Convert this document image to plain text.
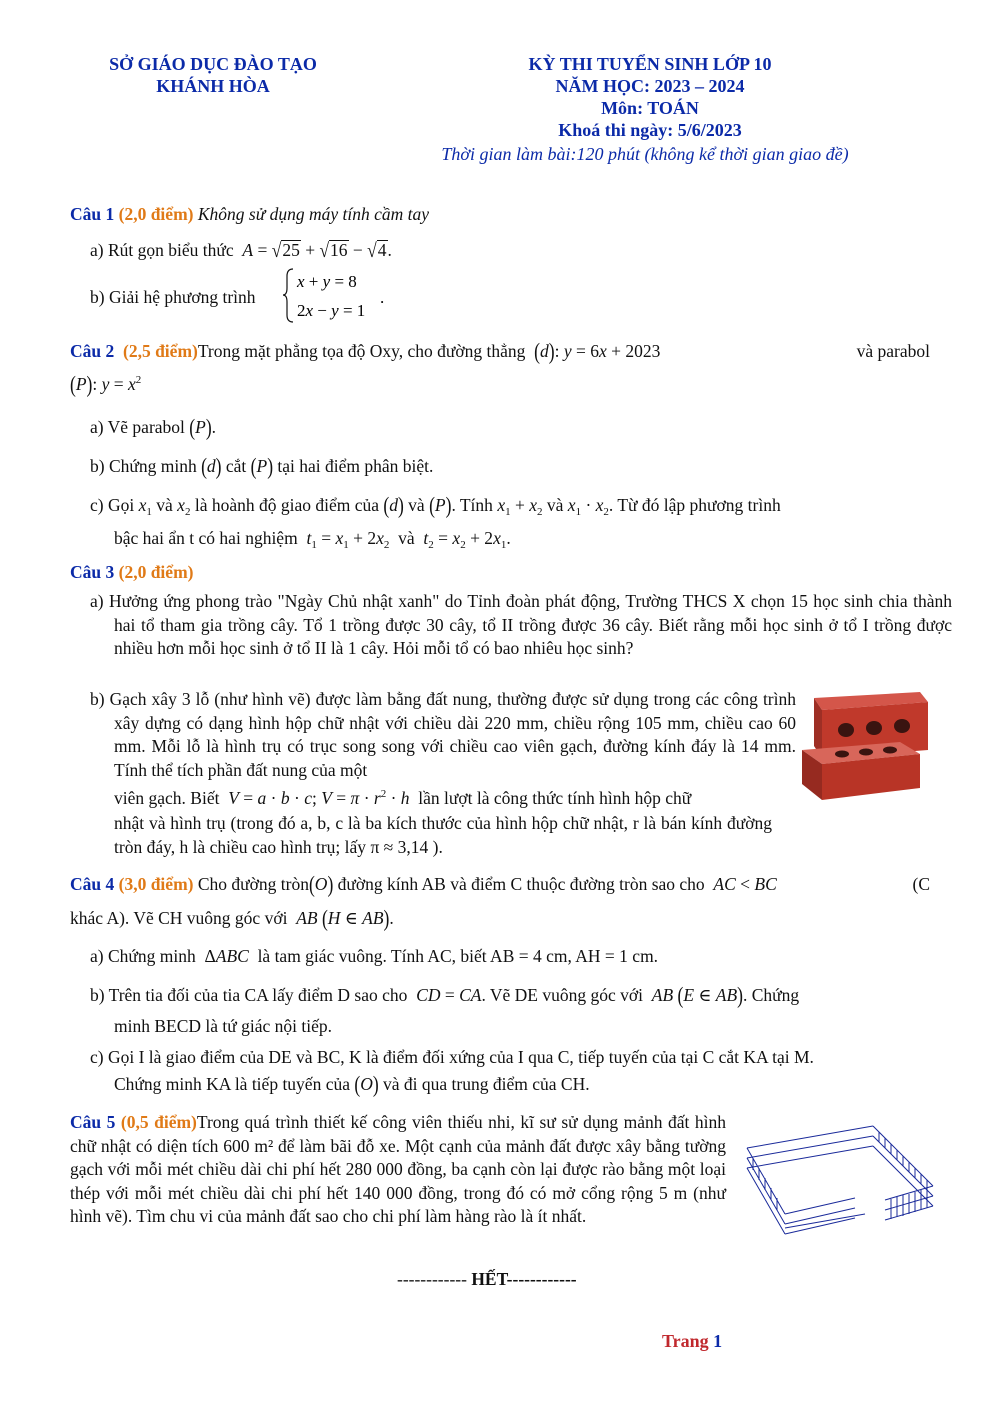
SỞ GIÁO DỤC ĐÀO TẠO
KHÁNH HÒA
KỲ THI TUYỂN SINH LỚP 10
NĂM HỌC: 2023 – 2024
Môn: TOÁN
Khoá thi ngày: 5/6/2023
Thời gian làm bài:120 phút (không kể thời gian giao đề)
Câu 1 (2,0 điểm) Không sử dụng máy tính cầm tay
a) Rút gọn biểu thức A = √25 + √16 − √4.
b) Giải hệ phương trình
x + y = 8
2x − y = 1
.
Câu 2 (2,5 điểm)Trong mặt phẳng tọa độ Oxy, cho đường thẳng (d): y = 6x + 2023	và parabol
(P): $y = x^2$
a) Vẽ parabol (P).
b) Chứng minh (d) cắt (P) tại hai điểm phân biệt.
c) Gọi $x_1$ và $x_2$ là hoành độ giao điểm của (d) và (P). Tính $x_1 + x_2$ và $x_1 \cdot x_2$. Từ đó lập phương trình
bậc hai ẩn t có hai nghiệm $t_1 = x_1 + 2x_2$ và $t_2 = x_2 + 2x_1$.
Câu 3 (2,0 điểm)
a) Hưởng ứng phong trào "Ngày Chủ nhật xanh" do Tỉnh đoàn phát động, Trường THCS X chọn 15 học sinh chia thành hai tổ tham gia trồng cây. Tổ 1 trồng được 30 cây, tổ II trồng được 36 cây. Biết rằng mỗi học sinh ở tổ I trồng được nhiều hơn mỗi học sinh ở tổ II là 1 cây. Hỏi mỗi tổ có bao nhiêu học sinh?
b) Gạch xây 3 lỗ (như hình vẽ) được làm bằng đất nung, thường được sử dụng trong các công trình xây dựng có dạng hình hộp chữ nhật với chiều dài 220 mm, chiều rộng 105 mm, chiều cao 60 mm. Mỗi lỗ là hình trụ có trục song song với chiều cao viên gạch, đường kính đáy là 14 mm. Tính thể tích phần đất nung của một
viên gạch. Biết V = a · b · c; $V = \pi \cdot r^2 \cdot h$ lần lượt là công thức tính hình hộp chữ
nhật và hình trụ (trong đó a, b, c là ba kích thước của hình hộp chữ nhật, r là bán kính đường tròn đáy, h là chiều cao hình trụ; lấy π ≈ 3,14 ).
Câu 4 (3,0 điểm) Cho đường tròn(O) đường kính AB và điểm C thuộc đường tròn sao cho AC < BC	(C
khác A). Vẽ CH vuông góc với AB (H ∈ AB).
a) Chứng minh  ΔABC là tam giác vuông. Tính AC, biết AB = 4 cm, AH = 1 cm.
b) Trên tia đối của tia CA lấy điểm D sao cho CD = CA. Vẽ DE vuông góc với AB (E ∈ AB). Chứng
minh BECD là tứ giác nội tiếp.
c) Gọi I là giao điểm của DE và BC, K là điểm đối xứng của I qua C, tiếp tuyến của tại C cắt KA tại M.
Chứng minh KA là tiếp tuyến của (O) và đi qua trung điểm của CH.
Câu 5 (0,5 điểm)Trong quá trình thiết kế công viên thiếu nhi, kĩ sư sử dụng mảnh đất hình chữ nhật có diện tích 600 m² để làm bãi đỗ xe. Một cạnh của mảnh đất được xây bằng tường gạch với mỗi mét chiều dài chi phí hết 280 000 đồng, ba cạnh còn lại được rào bằng một loại thép với mỗi mét chiều dài chi phí hết 140 000 đồng, trong đó có mở cổng rộng 5 m (như hình vẽ). Tìm chu vi của mảnh đất sao cho chi phí làm hàng rào là ít nhất.
------------ HẾT------------
Trang 1
